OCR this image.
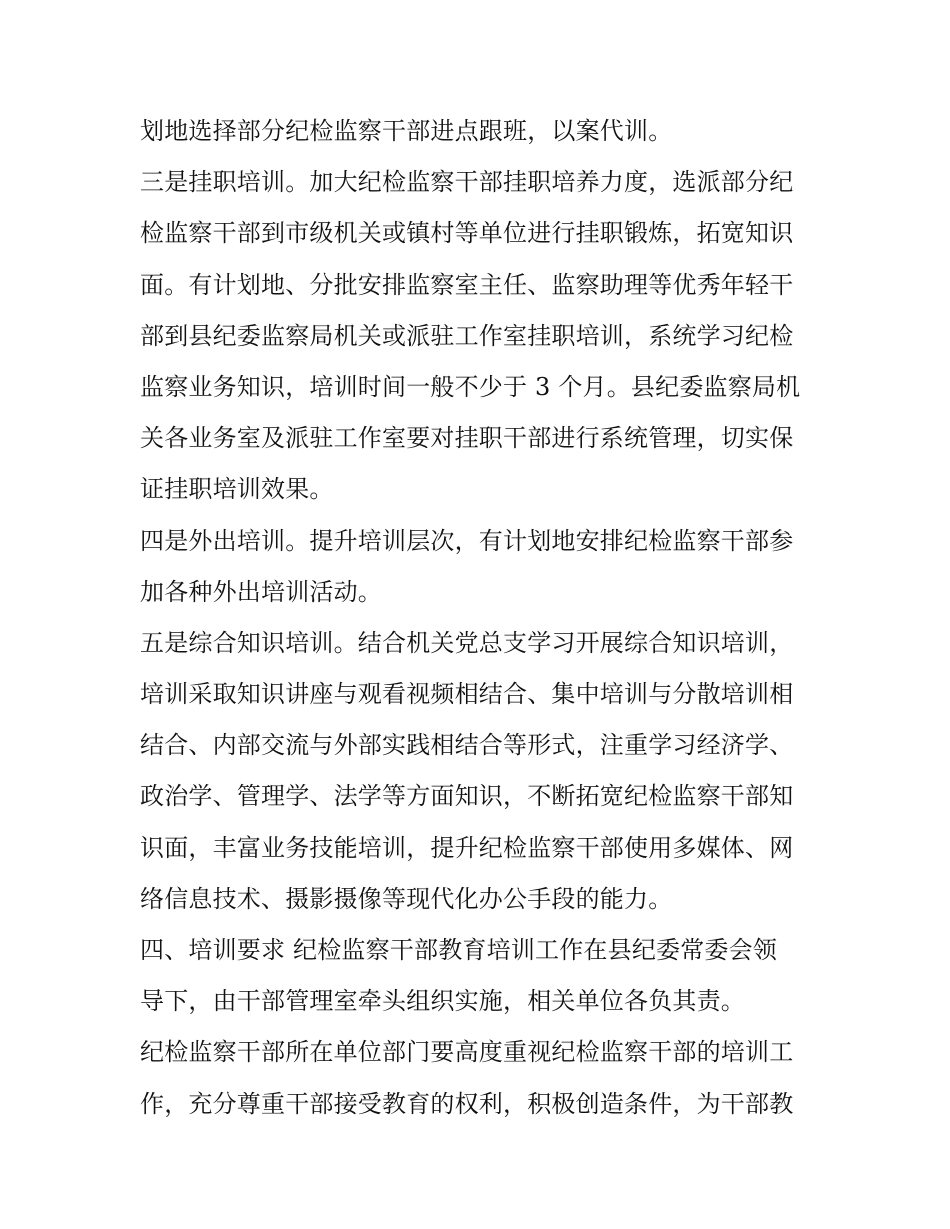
划地选择部分纪检监察干部进点跟班，以案代训。
三是挂职培训。加大纪检监察干部挂职培养力度，选派部分纪
检监察干部到市级机关或镇村等单位进行挂职锻炼，拓宽知识
面。有计划地、分批安排监察室主任、监察助理等优秀年轻干
部到县纪委监察局机关或派驻工作室挂职培训，系统学习纪检
监察业务知识，培训时间一般不少于 3 个月。县纪委监察局机
关各业务室及派驻工作室要对挂职干部进行系统管理，切实保
证挂职培训效果。
四是外出培训。提升培训层次，有计划地安排纪检监察干部参
加各种外出培训活动。
五是综合知识培训。结合机关党总支学习开展综合知识培训，
培训采取知识讲座与观看视频相结合、集中培训与分散培训相
结合、内部交流与外部实践相结合等形式，注重学习经济学、
政治学、管理学、法学等方面知识，不断拓宽纪检监察干部知
识面，丰富业务技能培训，提升纪检监察干部使用多媒体、网
络信息技术、摄影摄像等现代化办公手段的能力。
四、培训要求 纪检监察干部教育培训工作在县纪委常委会领
导下，由干部管理室牵头组织实施，相关单位各负其责。
纪检监察干部所在单位部门要高度重视纪检监察干部的培训工
作，充分尊重干部接受教育的权利，积极创造条件，为干部教
